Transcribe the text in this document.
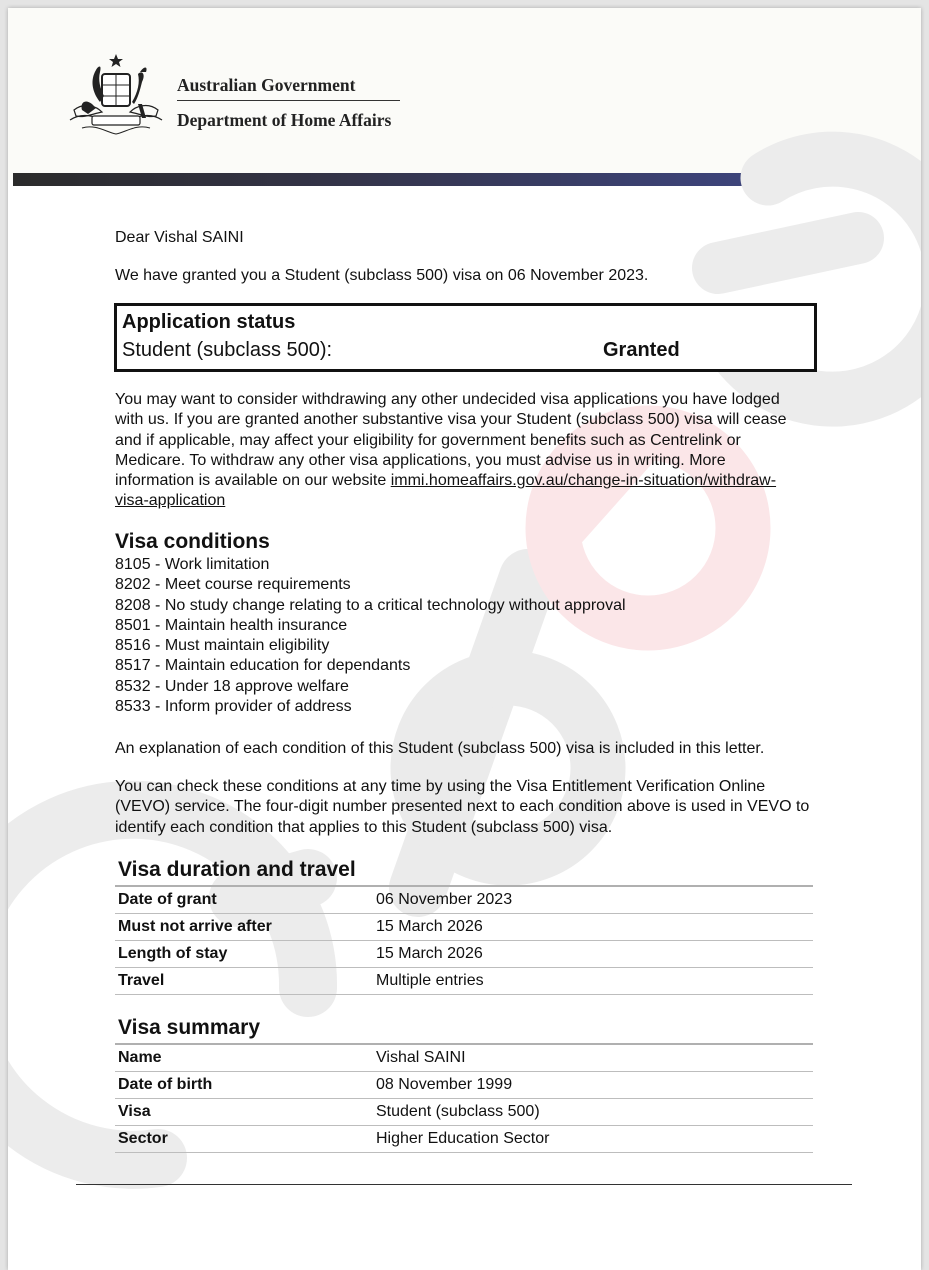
Australian Government
Department of Home Affairs
Dear Vishal SAINI
We have granted you a Student (subclass 500) visa on 06 November 2023.
Application status
Student (subclass 500):	Granted
You may want to consider withdrawing any other undecided visa applications you have lodged with us. If you are granted another substantive visa your Student (subclass 500) visa will cease and if applicable, may affect your eligibility for government benefits such as Centrelink or Medicare. To withdraw any other visa applications, you must advise us in writing. More information is available on our website immi.homeaffairs.gov.au/change-in-situation/withdraw-visa-application
Visa conditions
8105 - Work limitation
8202 - Meet course requirements
8208 - No study change relating to a critical technology without approval
8501 - Maintain health insurance
8516 - Must maintain eligibility
8517 - Maintain education for dependants
8532 - Under 18 approve welfare
8533 - Inform provider of address
An explanation of each condition of this Student (subclass 500) visa is included in this letter.
You can check these conditions at any time by using the Visa Entitlement Verification Online (VEVO) service. The four-digit number presented next to each condition above is used in VEVO to identify each condition that applies to this Student (subclass 500) visa.
Visa duration and travel
Date of grant	06 November 2023
Must not arrive after	15 March 2026
Length of stay	15 March 2026
Travel	Multiple entries
Visa summary
Name	Vishal SAINI
Date of birth	08 November 1999
Visa	Student (subclass 500)
Sector	Higher Education Sector
